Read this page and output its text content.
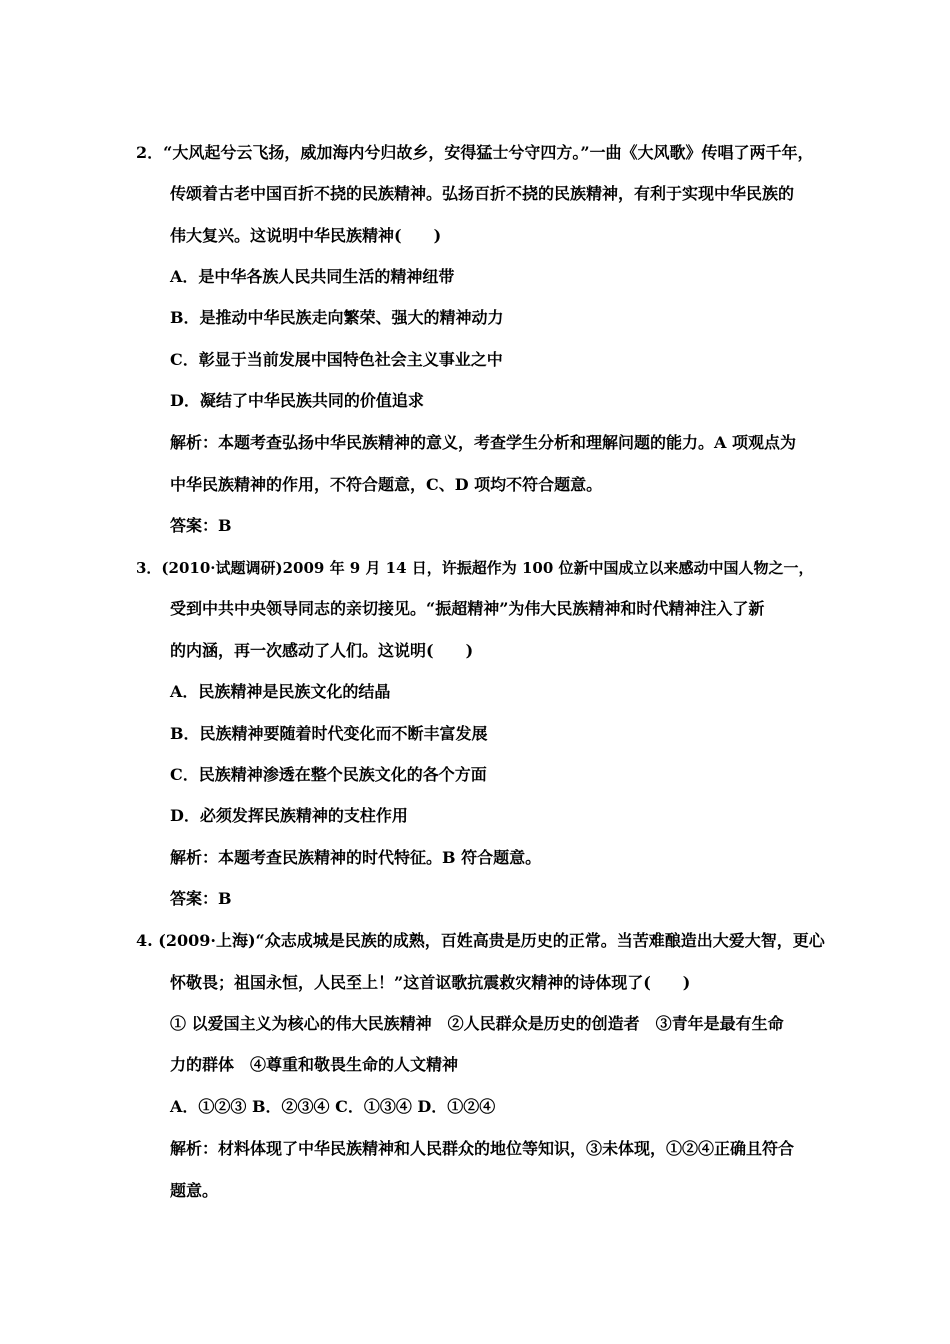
2．“大风起兮云飞扬，威加海内兮归故乡，安得猛士兮守四方。”一曲《大风歌》传唱了两千年，
传颂着古老中国百折不挠的民族精神。弘扬百折不挠的民族精神，有利于实现中华民族的
伟大复兴。这说明中华民族精神(　　)
A．是中华各族人民共同生活的精神纽带
B．是推动中华民族走向繁荣、强大的精神动力
C．彰显于当前发展中国特色社会主义事业之中
D．凝结了中华民族共同的价值追求
解析：本题考查弘扬中华民族精神的意义，考查学生分析和理解问题的能力。A 项观点为
中华民族精神的作用，不符合题意，C、D 项均不符合题意。
答案：B
3．(2010·试题调研)2009 年 9 月 14 日，许振超作为 100 位新中国成立以来感动中国人物之一，
受到中共中央领导同志的亲切接见。“振超精神”为伟大民族精神和时代精神注入了新
的内涵，再一次感动了人们。这说明(　　)
A．民族精神是民族文化的结晶
B．民族精神要随着时代变化而不断丰富发展
C．民族精神渗透在整个民族文化的各个方面
D．必须发挥民族精神的支柱作用
解析：本题考查民族精神的时代特征。B 符合题意。
答案：B
4. (2009·上海)“众志成城是民族的成熟，百姓高贵是历史的正常。当苦难酿造出大爱大智，更心
怀敬畏；祖国永恒，人民至上！”这首讴歌抗震救灾精神的诗体现了(　　)
① 以爱国主义为核心的伟大民族精神　②人民群众是历史的创造者　③青年是最有生命
力的群体　④尊重和敬畏生命的人文精神
A．①②③ B．②③④ C．①③④ D．①②④
解析：材料体现了中华民族精神和人民群众的地位等知识，③未体现，①②④正确且符合
题意。
